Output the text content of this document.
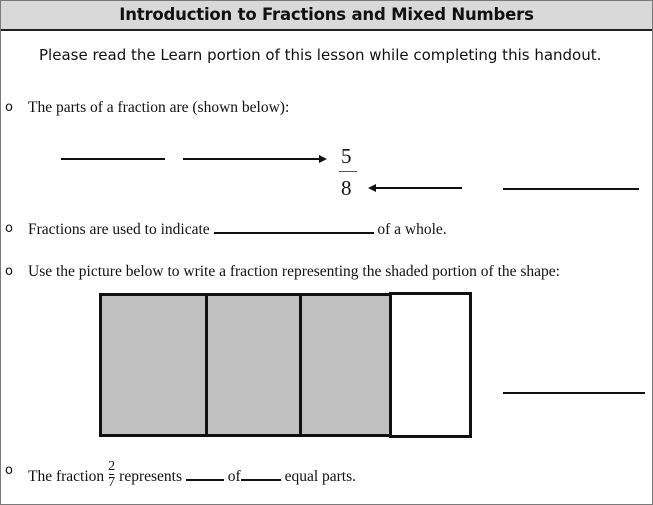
Introduction to Fractions and Mixed Numbers
Please read the Learn portion of this lesson while completing this handout.
o The parts of a fraction are (shown below):
5
8
o Fractions are used to indicate	of a whole.
o Use the picture below to write a fraction representing the shaded portion of the shape:
o The fraction $\frac{2}{7}$ represents	of	equal parts.
